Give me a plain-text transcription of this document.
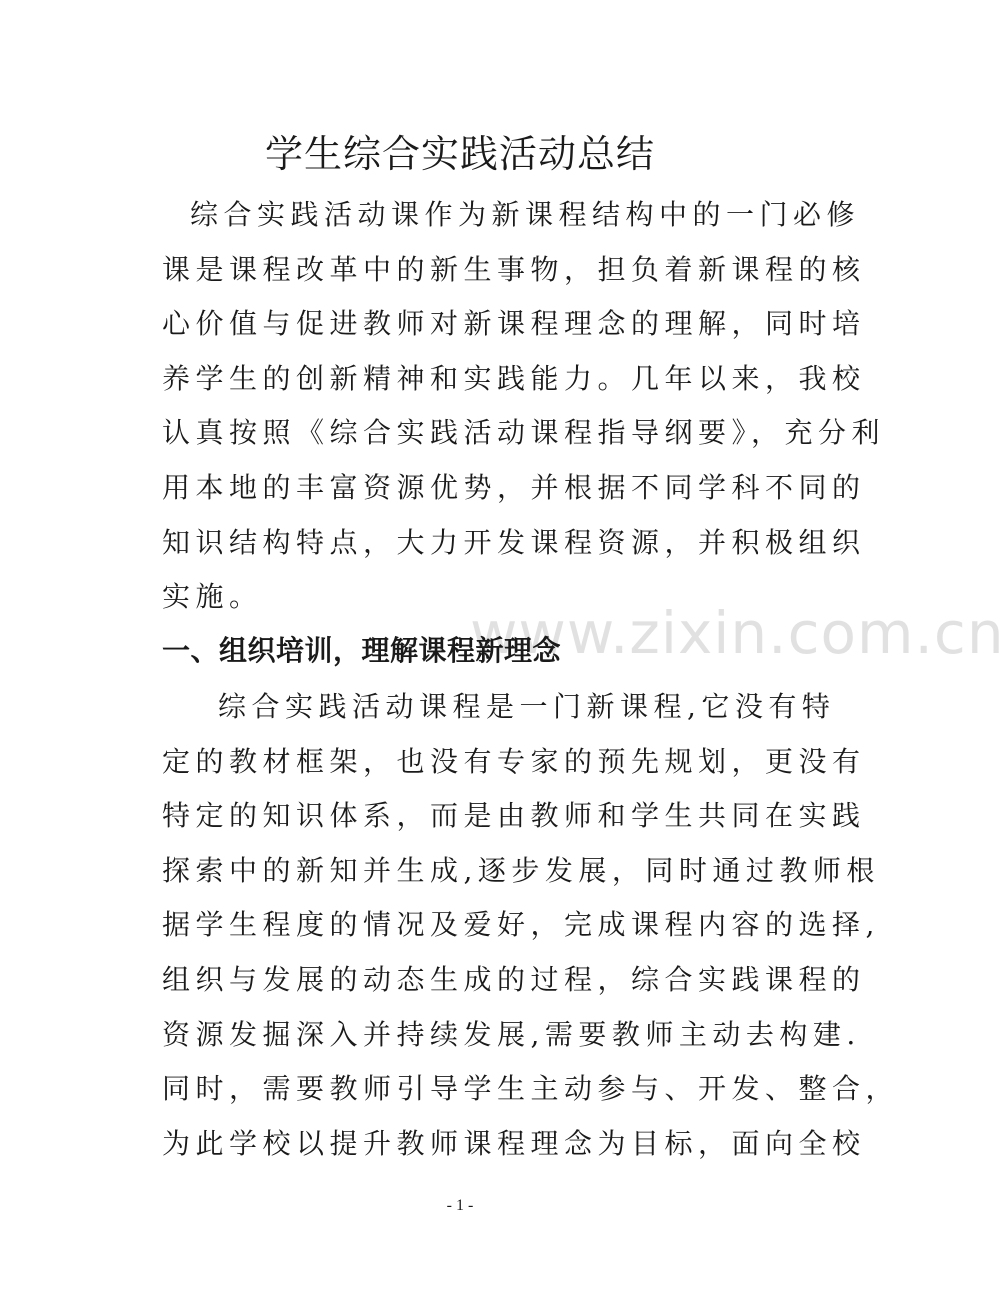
www.zixin.com.cn
学生综合实践活动总结
综合实践活动课作为新课程结构中的一门必修
课是课程改革中的新生事物，担负着新课程的核
心价值与促进教师对新课程理念的理解，同时培
养学生的创新精神和实践能力。几年以来，我校
认真按照《综合实践活动课程指导纲要》，充分利
用本地的丰富资源优势，并根据不同学科不同的
知识结构特点，大力开发课程资源，并积极组织
实施。
一、组织培训，理解课程新理念
综合实践活动课程是一门新课程,它没有特
定的教材框架，也没有专家的预先规划，更没有
特定的知识体系，而是由教师和学生共同在实践
探索中的新知并生成,逐步发展，同时通过教师根
据学生程度的情况及爱好，完成课程内容的选择,
组织与发展的动态生成的过程，综合实践课程的
资源发掘深入并持续发展,需要教师主动去构建.
同时，需要教师引导学生主动参与、开发、整合，
为此学校以提升教师课程理念为目标，面向全校
- 1 -
